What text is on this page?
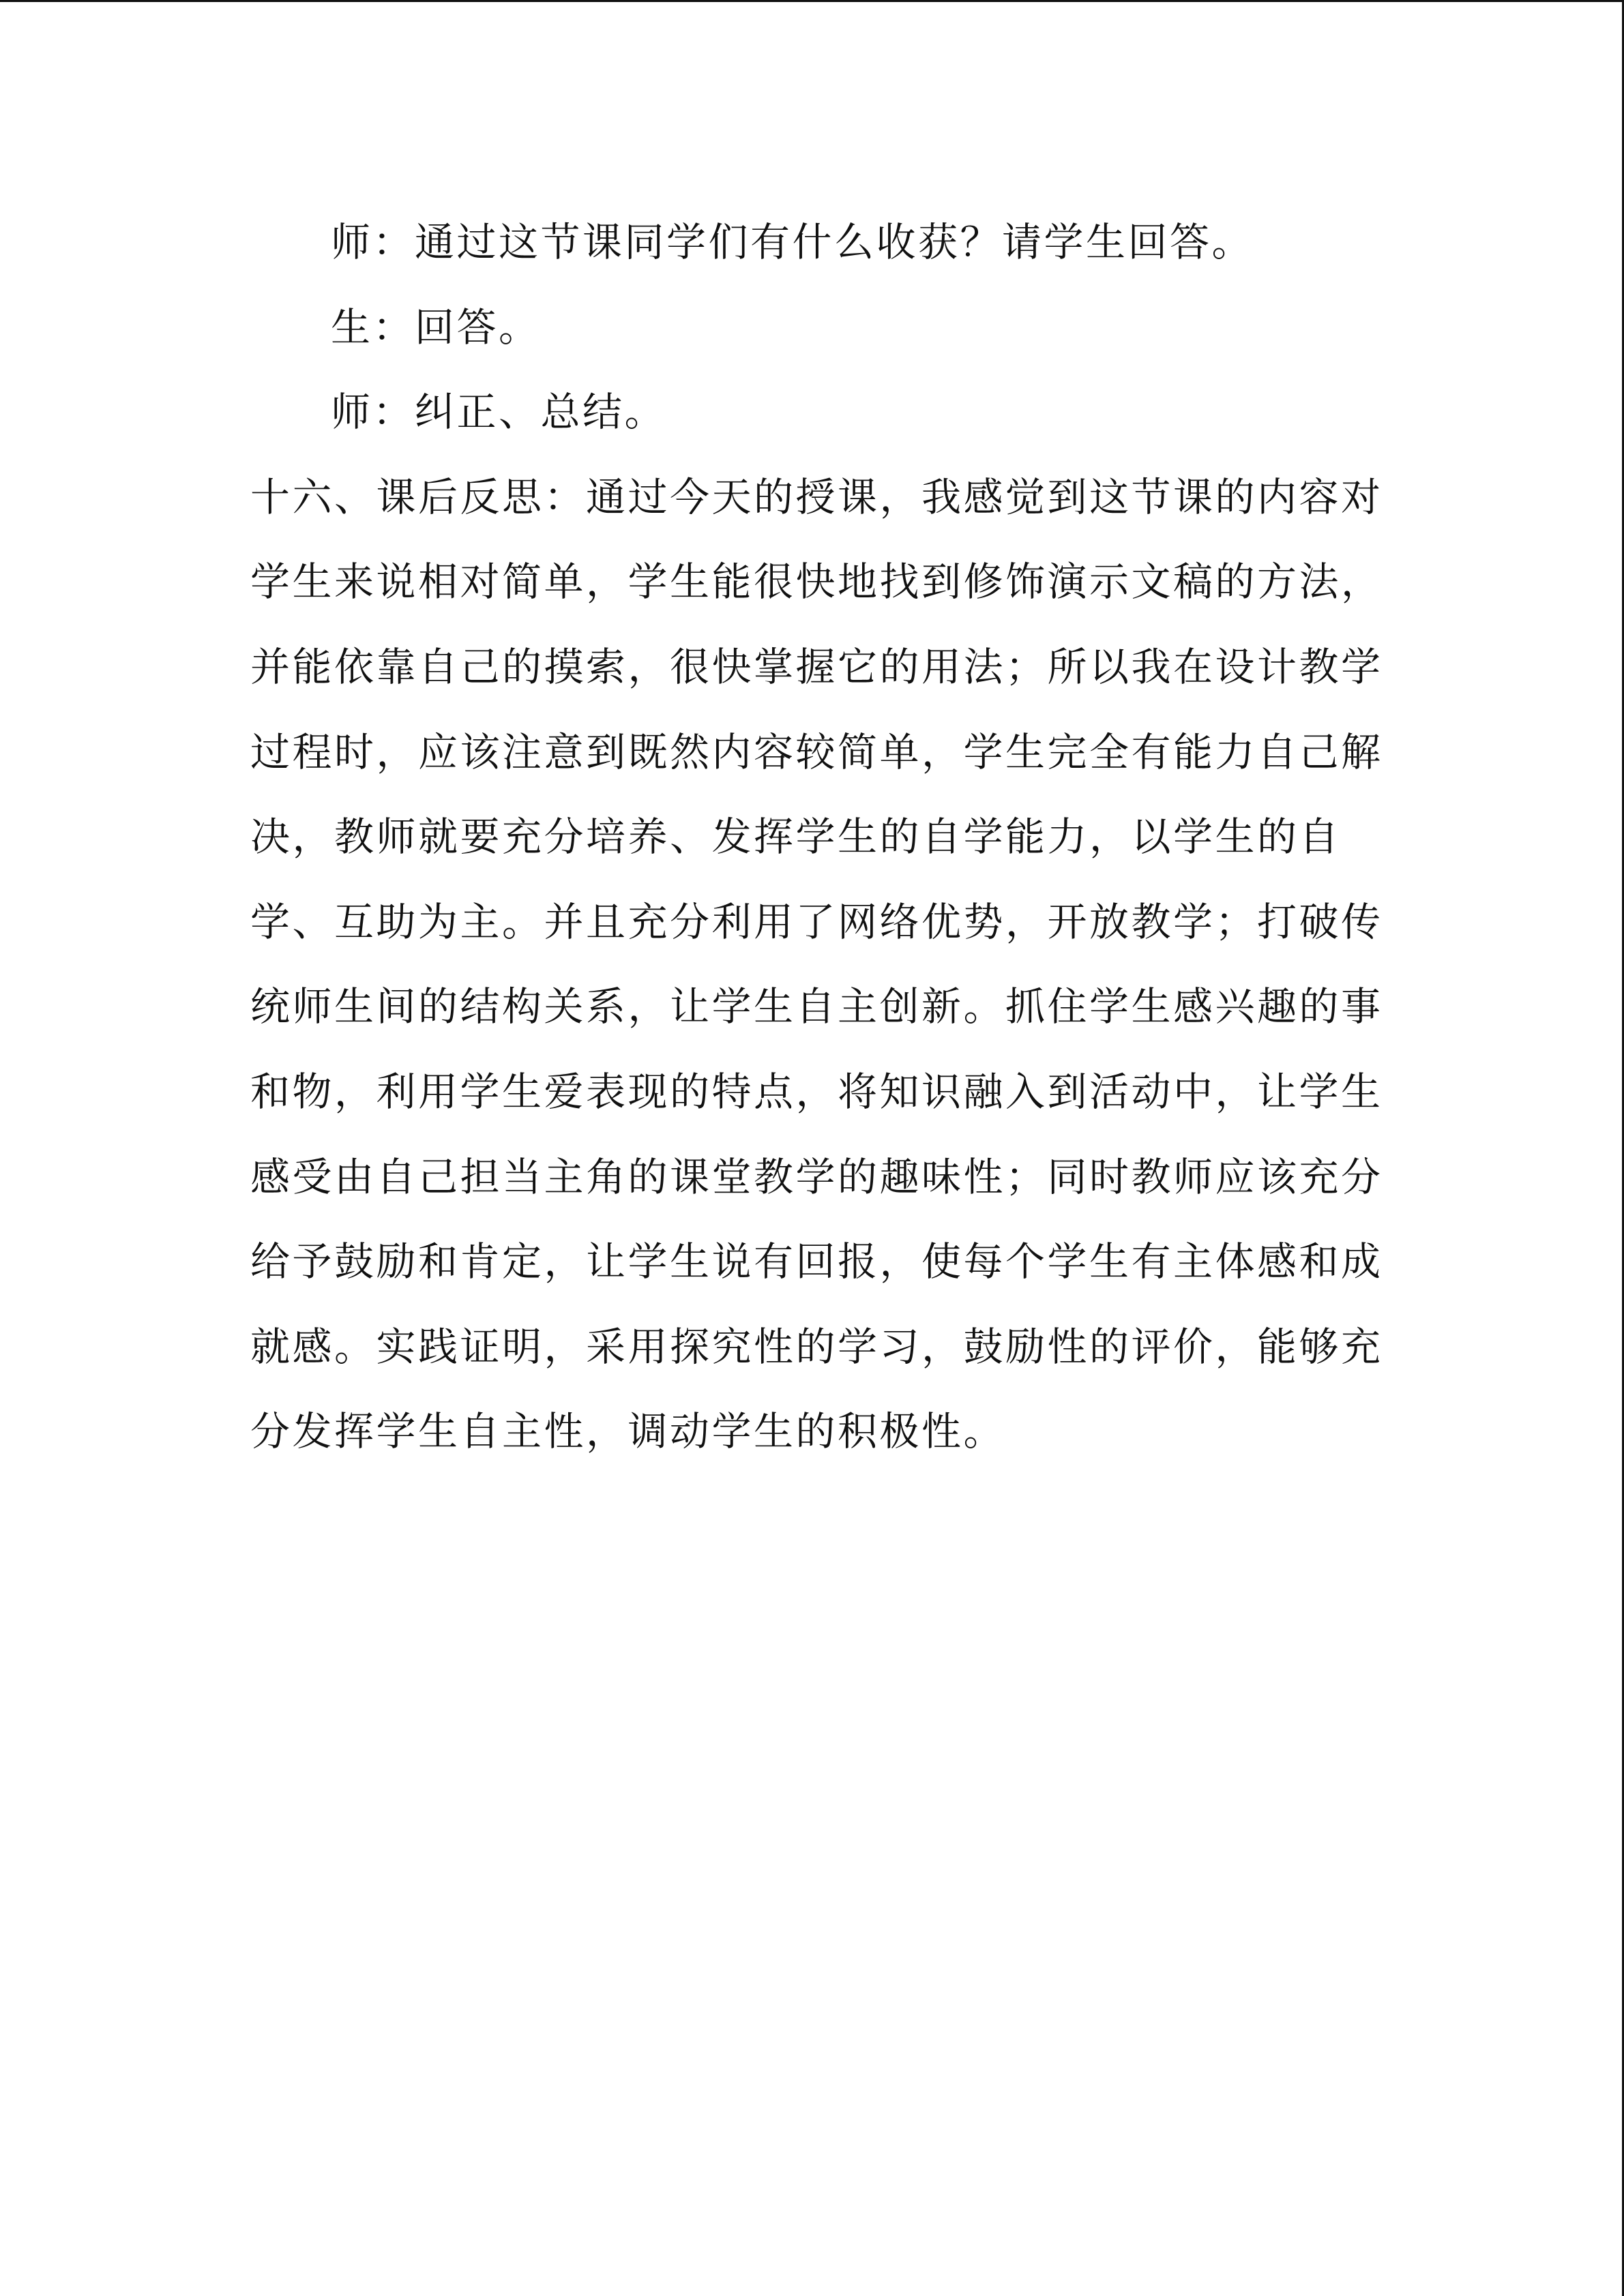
师：通过这节课同学们有什么收获？请学生回答。
生：回答。
师：纠正、总结。
十六、课后反思：通过今天的授课，我感觉到这节课的内容对
学生来说相对简单，学生能很快地找到修饰演示文稿的方法，
并能依靠自己的摸索，很快掌握它的用法；所以我在设计教学
过程时，应该注意到既然内容较简单，学生完全有能力自己解
决，教师就要充分培养、发挥学生的自学能力，以学生的自
学、互助为主。并且充分利用了网络优势，开放教学；打破传
统师生间的结构关系，让学生自主创新。抓住学生感兴趣的事
和物，利用学生爱表现的特点，将知识融入到活动中，让学生
感受由自己担当主角的课堂教学的趣味性；同时教师应该充分
给予鼓励和肯定，让学生说有回报，使每个学生有主体感和成
就感。实践证明，采用探究性的学习，鼓励性的评价，能够充
分发挥学生自主性，调动学生的积极性。
